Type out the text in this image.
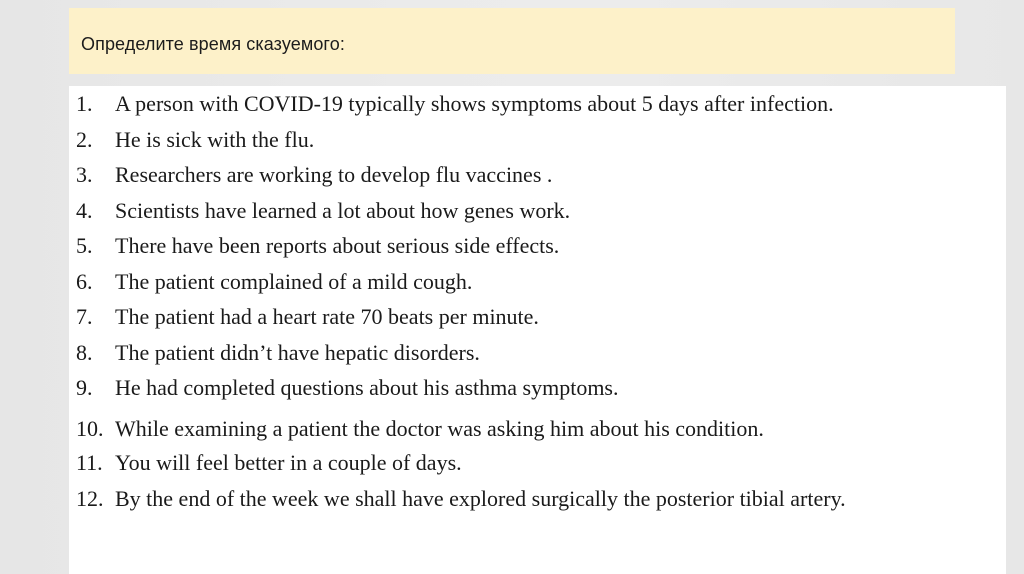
Определите время сказуемого:
1. A person with COVID-19 typically shows symptoms about 5 days after infection.
2. He is sick with the flu.
3. Researchers are working to develop flu vaccines .
4. Scientists have learned a lot about how genes work.
5. There have been reports about serious side effects.
6. The patient complained of a mild cough.
7. The patient had a heart rate 70 beats per minute.
8. The patient didn’t have hepatic disorders.
9. He had completed questions about his asthma symptoms.
10. While examining a patient the doctor was asking him about his condition.
11. You will feel better in a couple of days.
12. By the end of the week we shall have explored surgically the posterior tibial artery.
